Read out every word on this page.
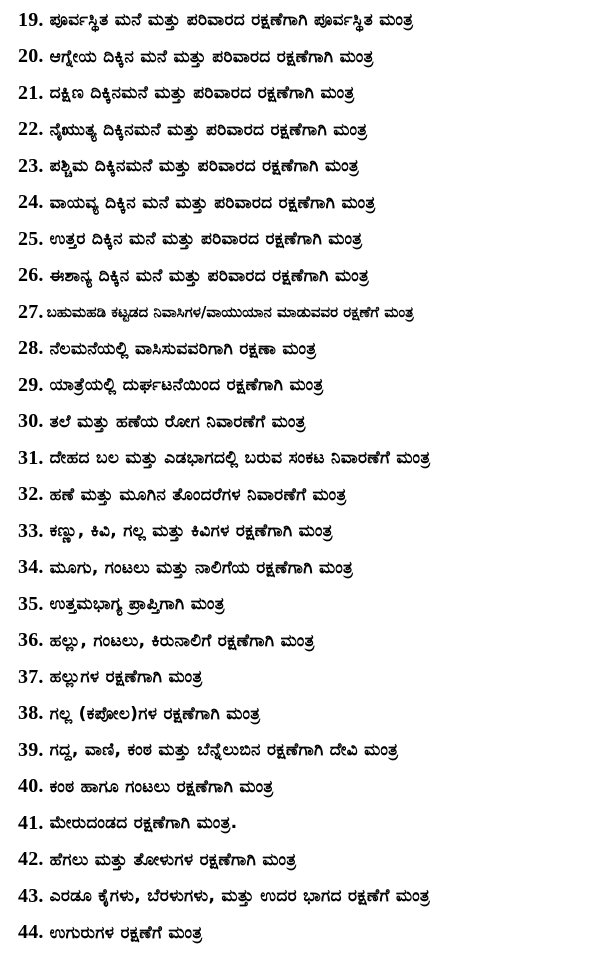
19. ಪೂರ್ವಸ್ಥಿತ ಮನೆ ಮತ್ತು ಪರಿವಾರದ ರಕ್ಷಣೆಗಾಗಿ ಪೂರ್ವಸ್ಥಿತ ಮಂತ್ರ
20. ಆಗ್ನೇಯ ದಿಕ್ಕಿನ ಮನೆ ಮತ್ತು ಪರಿವಾರದ ರಕ್ಷಣೆಗಾಗಿ ಮಂತ್ರ
21. ದಕ್ಷಿಣ ದಿಕ್ಕಿನಮನೆ ಮತ್ತು ಪರಿವಾರದ ರಕ್ಷಣೆಗಾಗಿ ಮಂತ್ರ
22. ನೈಋುತ್ಯ ದಿಕ್ಕಿನಮನೆ ಮತ್ತು ಪರಿವಾರದ ರಕ್ಷಣೆಗಾಗಿ ಮಂತ್ರ
23. ಪಶ್ಚಿಮ ದಿಕ್ಕಿನಮನೆ ಮತ್ತು ಪರಿವಾರದ ರಕ್ಷಣೆಗಾಗಿ ಮಂತ್ರ
24. ವಾಯವ್ಯ ದಿಕ್ಕಿನ ಮನೆ ಮತ್ತು ಪರಿವಾರದ ರಕ್ಷಣೆಗಾಗಿ ಮಂತ್ರ
25. ಉತ್ತರ ದಿಕ್ಕಿನ ಮನೆ ಮತ್ತು ಪರಿವಾರದ ರಕ್ಷಣೆಗಾಗಿ ಮಂತ್ರ
26. ಈಶಾನ್ಯ ದಿಕ್ಕಿನ ಮನೆ ಮತ್ತು ಪರಿವಾರದ ರಕ್ಷಣೆಗಾಗಿ ಮಂತ್ರ
27. ಬಹುಮಹಡಿ ಕಟ್ಟಡದ ನಿವಾಸಿಗಳ/ವಾಯುಯಾನ ಮಾಡುವವರ ರಕ್ಷಣೆಗೆ ಮಂತ್ರ
28. ನೆಲಮನೆಯಲ್ಲಿ ವಾಸಿಸುವವರಿಗಾಗಿ ರಕ್ಷಣಾ ಮಂತ್ರ
29. ಯಾತ್ರೆಯಲ್ಲಿ ದುರ್ಘಟನೆಯಿಂದ ರಕ್ಷಣೆಗಾಗಿ ಮಂತ್ರ
30. ತಲೆ ಮತ್ತು ಹಣೆಯ ರೋಗ ನಿವಾರಣೆಗೆ ಮಂತ್ರ
31. ದೇಹದ ಬಲ ಮತ್ತು ಎಡಭಾಗದಲ್ಲಿ ಬರುವ ಸಂಕಟ ನಿವಾರಣೆಗೆ ಮಂತ್ರ
32. ಹಣೆ ಮತ್ತು ಮೂಗಿನ ತೊಂದರೆಗಳ ನಿವಾರಣೆಗೆ ಮಂತ್ರ
33. ಕಣ್ಣು, ಕಿವಿ, ಗಲ್ಲ ಮತ್ತು ಕಿವಿಗಳ ರಕ್ಷಣೆಗಾಗಿ ಮಂತ್ರ
34. ಮೂಗು, ಗಂಟಲು ಮತ್ತು ನಾಲಿಗೆಯ ರಕ್ಷಣೆಗಾಗಿ ಮಂತ್ರ
35. ಉತ್ತಮಭಾಗ್ಯ ಪ್ರಾಪ್ತಿಗಾಗಿ ಮಂತ್ರ
36. ಹಲ್ಲು, ಗಂಟಲು, ಕಿರುನಾಲಿಗೆ ರಕ್ಷಣೆಗಾಗಿ ಮಂತ್ರ
37. ಹಲ್ಲುಗಳ ರಕ್ಷಣೆಗಾಗಿ ಮಂತ್ರ
38. ಗಲ್ಲ (ಕಪೋಲ)ಗಳ ರಕ್ಷಣೆಗಾಗಿ ಮಂತ್ರ
39. ಗದ್ದ, ವಾಣಿ, ಕಂಠ ಮತ್ತು ಬೆನ್ನೆಲುಬಿನ ರಕ್ಷಣೆಗಾಗಿ ದೇವಿ ಮಂತ್ರ
40. ಕಂಠ ಹಾಗೂ ಗಂಟಲು ರಕ್ಷಣೆಗಾಗಿ ಮಂತ್ರ
41. ಮೇರುದಂಡದ ರಕ್ಷಣೆಗಾಗಿ ಮಂತ್ರ.
42. ಹೆಗಲು ಮತ್ತು ತೋಳುಗಳ ರಕ್ಷಣೆಗಾಗಿ ಮಂತ್ರ
43. ಎರಡೂ ಕೈಗಳು, ಬೆರಳುಗಳು, ಮತ್ತು ಉದರ ಭಾಗದ ರಕ್ಷಣೆಗೆ ಮಂತ್ರ
44. ಉಗುರುಗಳ ರಕ್ಷಣೆಗೆ ಮಂತ್ರ
